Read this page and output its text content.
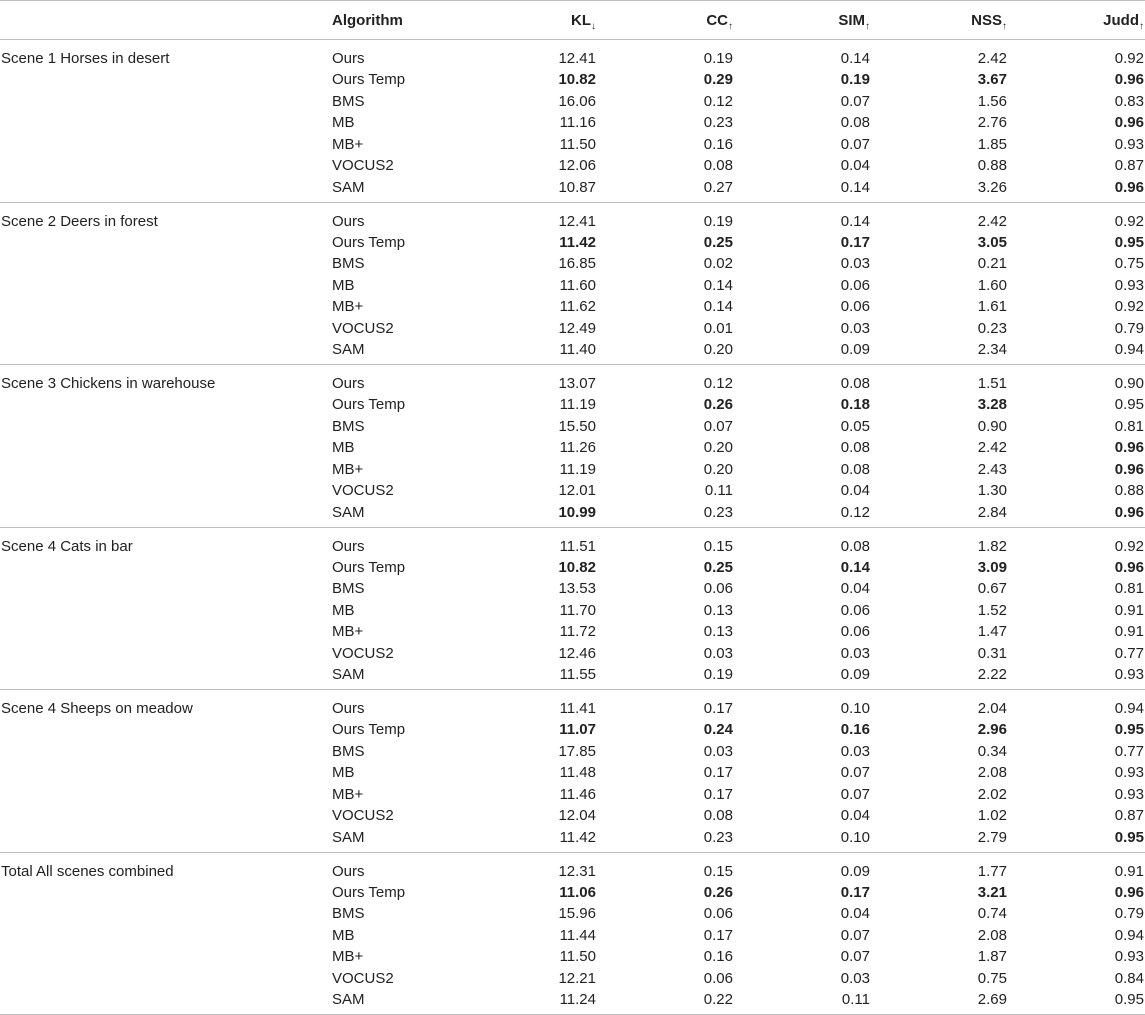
	Algorithm	$KL_↓$	$CC_↑$	$SIM_↑$	$NSS_↑$	Judd$_↑$
Scene 1 Horses in desert	Ours	12.41	0.19	0.14	2.42	0.92
	Ours Temp	10.82	0.29	0.19	3.67	0.96
	BMS	16.06	0.12	0.07	1.56	0.83
	MB	11.16	0.23	0.08	2.76	0.96
	MB+	11.50	0.16	0.07	1.85	0.93
	VOCUS2	12.06	0.08	0.04	0.88	0.87
	SAM	10.87	0.27	0.14	3.26	0.96
Scene 2 Deers in forest	Ours	12.41	0.19	0.14	2.42	0.92
	Ours Temp	11.42	0.25	0.17	3.05	0.95
	BMS	16.85	0.02	0.03	0.21	0.75
	MB	11.60	0.14	0.06	1.60	0.93
	MB+	11.62	0.14	0.06	1.61	0.92
	VOCUS2	12.49	0.01	0.03	0.23	0.79
	SAM	11.40	0.20	0.09	2.34	0.94
Scene 3 Chickens in warehouse	Ours	13.07	0.12	0.08	1.51	0.90
	Ours Temp	11.19	0.26	0.18	3.28	0.95
	BMS	15.50	0.07	0.05	0.90	0.81
	MB	11.26	0.20	0.08	2.42	0.96
	MB+	11.19	0.20	0.08	2.43	0.96
	VOCUS2	12.01	0.11	0.04	1.30	0.88
	SAM	10.99	0.23	0.12	2.84	0.96
Scene 4 Cats in bar	Ours	11.51	0.15	0.08	1.82	0.92
	Ours Temp	10.82	0.25	0.14	3.09	0.96
	BMS	13.53	0.06	0.04	0.67	0.81
	MB	11.70	0.13	0.06	1.52	0.91
	MB+	11.72	0.13	0.06	1.47	0.91
	VOCUS2	12.46	0.03	0.03	0.31	0.77
	SAM	11.55	0.19	0.09	2.22	0.93
Scene 4 Sheeps on meadow	Ours	11.41	0.17	0.10	2.04	0.94
	Ours Temp	11.07	0.24	0.16	2.96	0.95
	BMS	17.85	0.03	0.03	0.34	0.77
	MB	11.48	0.17	0.07	2.08	0.93
	MB+	11.46	0.17	0.07	2.02	0.93
	VOCUS2	12.04	0.08	0.04	1.02	0.87
	SAM	11.42	0.23	0.10	2.79	0.95
Total All scenes combined	Ours	12.31	0.15	0.09	1.77	0.91
	Ours Temp	11.06	0.26	0.17	3.21	0.96
	BMS	15.96	0.06	0.04	0.74	0.79
	MB	11.44	0.17	0.07	2.08	0.94
	MB+	11.50	0.16	0.07	1.87	0.93
	VOCUS2	12.21	0.06	0.03	0.75	0.84
	SAM	11.24	0.22	0.11	2.69	0.95
